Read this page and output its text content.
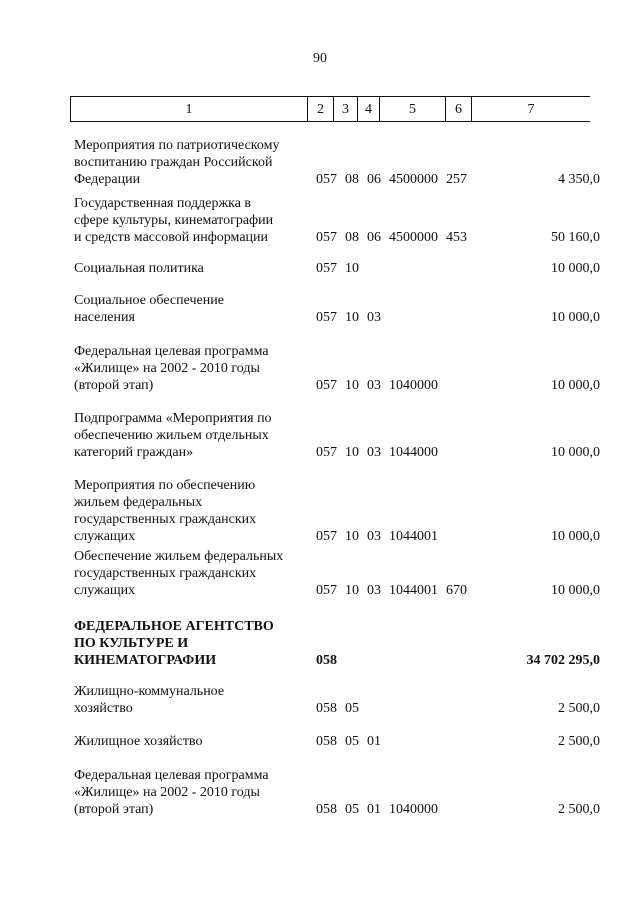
90
1	2	3	4	5	6	7
Мероприятия по патриотическому
воспитанию граждан Российской
Федерации	057 08 06 4500000 257	4 350,0
Государственная поддержка в
сфере культуры, кинематографии
и средств массовой информации	057 08 06 4500000 453	50 160,0
Социальная политика	057 10	10 000,0
Социальное обеспечение
населения	057 10 03	10 000,0
Федеральная целевая программа
«Жилище» на 2002 - 2010 годы
(второй этап)	057 10 03 1040000	10 000,0
Подпрограмма «Мероприятия по
обеспечению жильем отдельных
категорий граждан»	057 10 03 1044000	10 000,0
Мероприятия по обеспечению
жильем федеральных
государственных гражданских
служащих	057 10 03 1044001	10 000,0
Обеспечение жильем федеральных
государственных гражданских
служащих	057 10 03 1044001 670	10 000,0
ФЕДЕРАЛЬНОЕ АГЕНТСТВО
ПО КУЛЬТУРЕ И
КИНЕМАТОГРАФИИ	058	34 702 295,0
Жилищно-коммунальное
хозяйство	058 05	2 500,0
Жилищное хозяйство	058 05 01	2 500,0
Федеральная целевая программа
«Жилище» на 2002 - 2010 годы
(второй этап)	058 05 01 1040000	2 500,0
